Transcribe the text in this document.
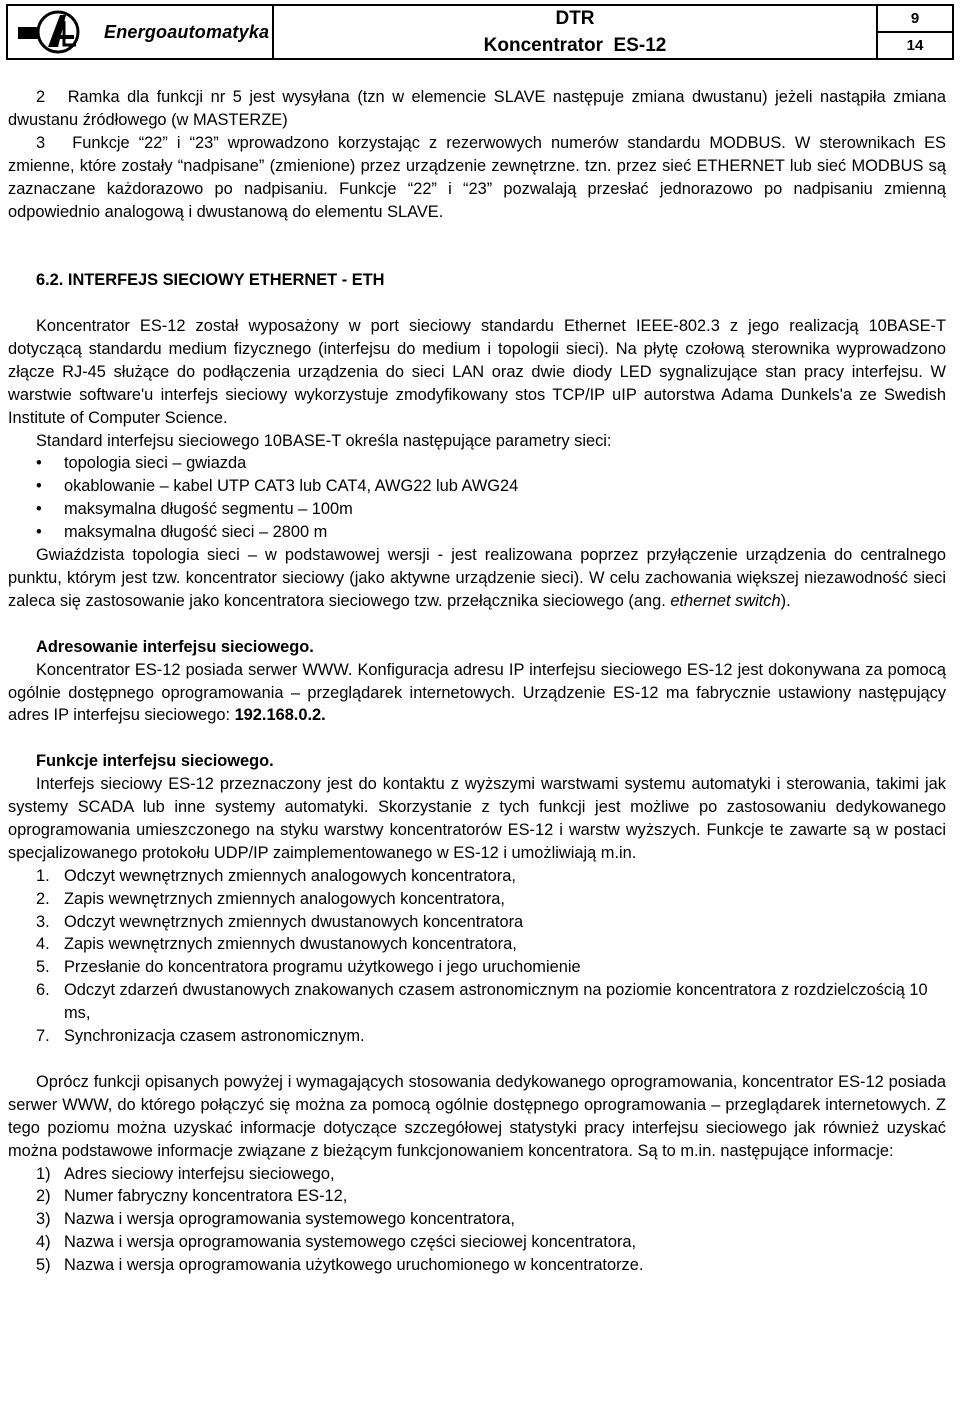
Energoautomatyka
DTR
Koncentrator  ES-12
9
14

2   Ramka dla funkcji nr 5 jest wysyłana (tzn w elemencie SLAVE następuje zmiana dwustanu) jeżeli nastąpiła zmiana dwustanu źródłowego (w MASTERZE)

3   Funkcje “22” i “23” wprowadzono korzystając z rezerwowych numerów standardu MODBUS. W sterownikach ES  zmienne, które zostały “nadpisane” (zmienione) przez urządzenie zewnętrzne. tzn. przez sieć ETHERNET lub sieć MODBUS są zaznaczane każdorazowo po nadpisaniu. Funkcje “22” i “23” pozwalają przesłać jednorazowo po nadpisaniu zmienną odpowiednio analogową i dwustanową do elementu SLAVE.

6.2. INTERFEJS SIECIOWY ETHERNET - ETH

Koncentrator ES-12 został wyposażony w port sieciowy standardu Ethernet IEEE-802.3 z jego realizacją 10BASE-T dotyczącą standardu medium fizycznego (interfejsu do medium i topologii sieci). Na płytę czołową sterownika wyprowadzono złącze RJ-45 służące do podłączenia urządzenia do sieci LAN oraz dwie diody LED sygnalizujące stan pracy interfejsu. W warstwie software'u interfejs sieciowy wykorzystuje zmodyfikowany stos TCP/IP uIP autorstwa Adama Dunkels'a ze Swedish Institute of Computer Science.

Standard interfejsu sieciowego 10BASE-T określa następujące parametry sieci:

• topologia sieci – gwiazda
• okablowanie – kabel UTP CAT3 lub CAT4, AWG22 lub AWG24
• maksymalna długość segmentu – 100m
• maksymalna długość sieci – 2800 m

Gwiaździsta topologia sieci – w podstawowej wersji - jest realizowana poprzez przyłączenie urządzenia do centralnego punktu, którym jest tzw. koncentrator sieciowy (jako aktywne urządzenie sieci). W celu zachowania większej niezawodność sieci zaleca się zastosowanie jako koncentratora sieciowego tzw. przełącznika sieciowego (ang. ethernet switch).

Adresowanie interfejsu sieciowego.

Koncentrator ES-12 posiada serwer WWW. Konfiguracja adresu IP interfejsu sieciowego ES-12 jest dokonywana za pomocą ogólnie dostępnego oprogramowania – przeglądarek internetowych. Urządzenie ES-12 ma fabrycznie ustawiony następujący adres IP interfejsu sieciowego: 192.168.0.2.

Funkcje interfejsu sieciowego.

Interfejs sieciowy ES-12 przeznaczony jest do kontaktu z wyższymi warstwami systemu automatyki i sterowania, takimi jak systemy SCADA lub inne systemy automatyki. Skorzystanie z tych funkcji jest możliwe po zastosowaniu dedykowanego oprogramowania umieszczonego na styku warstwy koncentratorów ES-12 i warstw wyższych. Funkcje te zawarte są w postaci specjalizowanego protokołu UDP/IP zaimplementowanego w ES-12 i umożliwiają m.in.

1. Odczyt wewnętrznych zmiennych analogowych koncentratora,
2. Zapis wewnętrznych zmiennych analogowych koncentratora,
3. Odczyt wewnętrznych zmiennych dwustanowych koncentratora
4. Zapis wewnętrznych zmiennych dwustanowych koncentratora,
5. Przesłanie do koncentratora programu użytkowego i jego uruchomienie
6. Odczyt zdarzeń dwustanowych znakowanych czasem astronomicznym na poziomie koncentratora z rozdzielczością 10 ms,
7. Synchronizacja czasem astronomicznym.

Oprócz funkcji opisanych powyżej i wymagających stosowania dedykowanego oprogramowania, koncentrator ES-12 posiada serwer WWW, do którego połączyć się można za pomocą ogólnie dostępnego oprogramowania – przeglądarek internetowych. Z tego poziomu można uzyskać informacje dotyczące szczegółowej statystyki pracy interfejsu sieciowego jak również uzyskać można podstawowe informacje związane z bieżącym funkcjonowaniem koncentratora. Są to m.in. następujące informacje:

1) Adres sieciowy interfejsu sieciowego,
2) Numer fabryczny koncentratora ES-12,
3) Nazwa i wersja oprogramowania systemowego koncentratora,
4) Nazwa i wersja oprogramowania systemowego części sieciowej koncentratora,
5) Nazwa i wersja oprogramowania użytkowego uruchomionego w koncentratorze.
